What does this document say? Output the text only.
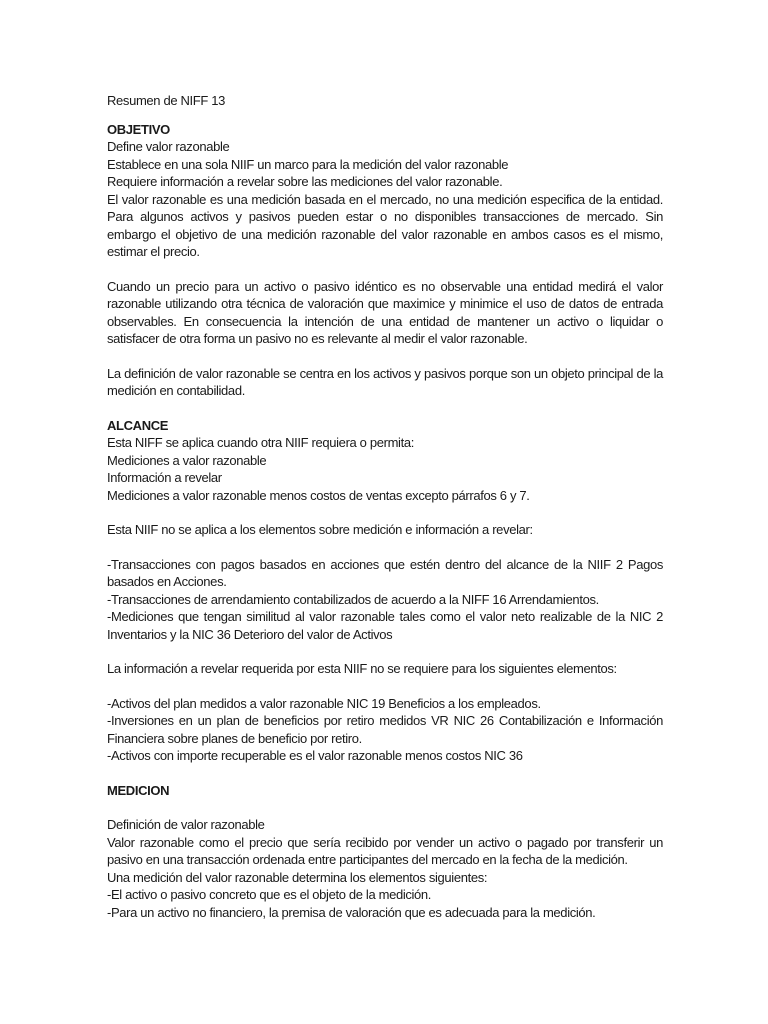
Resumen de NIFF 13

OBJETIVO

Define valor razonable

Establece en una sola NIIF un marco para la medición del valor razonable

Requiere información a revelar sobre las mediciones del valor razonable.

El valor razonable es una medición basada en el mercado, no una medición especifica de la entidad. Para algunos activos y pasivos pueden estar o no disponibles transacciones de mercado. Sin embargo el objetivo de una medición razonable del valor razonable en ambos casos es el mismo, estimar el precio.

Cuando un precio para un activo o pasivo idéntico es no observable una entidad medirá el valor razonable utilizando otra técnica de valoración que maximice y minimice el uso de datos de entrada observables. En consecuencia la intención de una entidad de mantener un activo o liquidar o satisfacer de otra forma un pasivo no es relevante al medir el valor razonable.

La definición de valor razonable se centra en los activos y pasivos porque son un objeto principal de la medición en contabilidad.

ALCANCE

Esta NIFF se aplica cuando otra NIIF requiera o permita:

Mediciones a valor razonable

Información a revelar

Mediciones a valor razonable menos costos de ventas excepto párrafos 6 y 7.

Esta NIIF no se aplica a los elementos sobre medición e información a revelar:

-Transacciones con pagos basados en acciones que estén dentro del alcance de la NIIF 2 Pagos basados en Acciones.

-Transacciones de arrendamiento contabilizados de acuerdo a la NIFF 16 Arrendamientos.

-Mediciones que tengan similitud al valor razonable tales como el valor neto realizable de la NIC 2 Inventarios y la NIC 36 Deterioro del valor de Activos

La información a revelar requerida por esta NIIF no se requiere para los siguientes elementos:

-Activos del plan medidos a valor razonable NIC 19 Beneficios a los empleados.

-Inversiones en un plan de beneficios por retiro medidos VR NIC 26 Contabilización e Información Financiera sobre planes de beneficio por retiro.

-Activos con importe recuperable es el valor razonable menos costos NIC 36

MEDICION

Definición de valor razonable

Valor razonable como el precio que sería recibido por vender un activo o pagado por transferir un pasivo en una transacción ordenada entre participantes del mercado en la fecha de la medición.

Una medición del valor razonable determina los elementos siguientes:

-El activo o pasivo concreto que es el objeto de la medición.

-Para un activo no financiero, la premisa de valoración que es adecuada para la medición.
